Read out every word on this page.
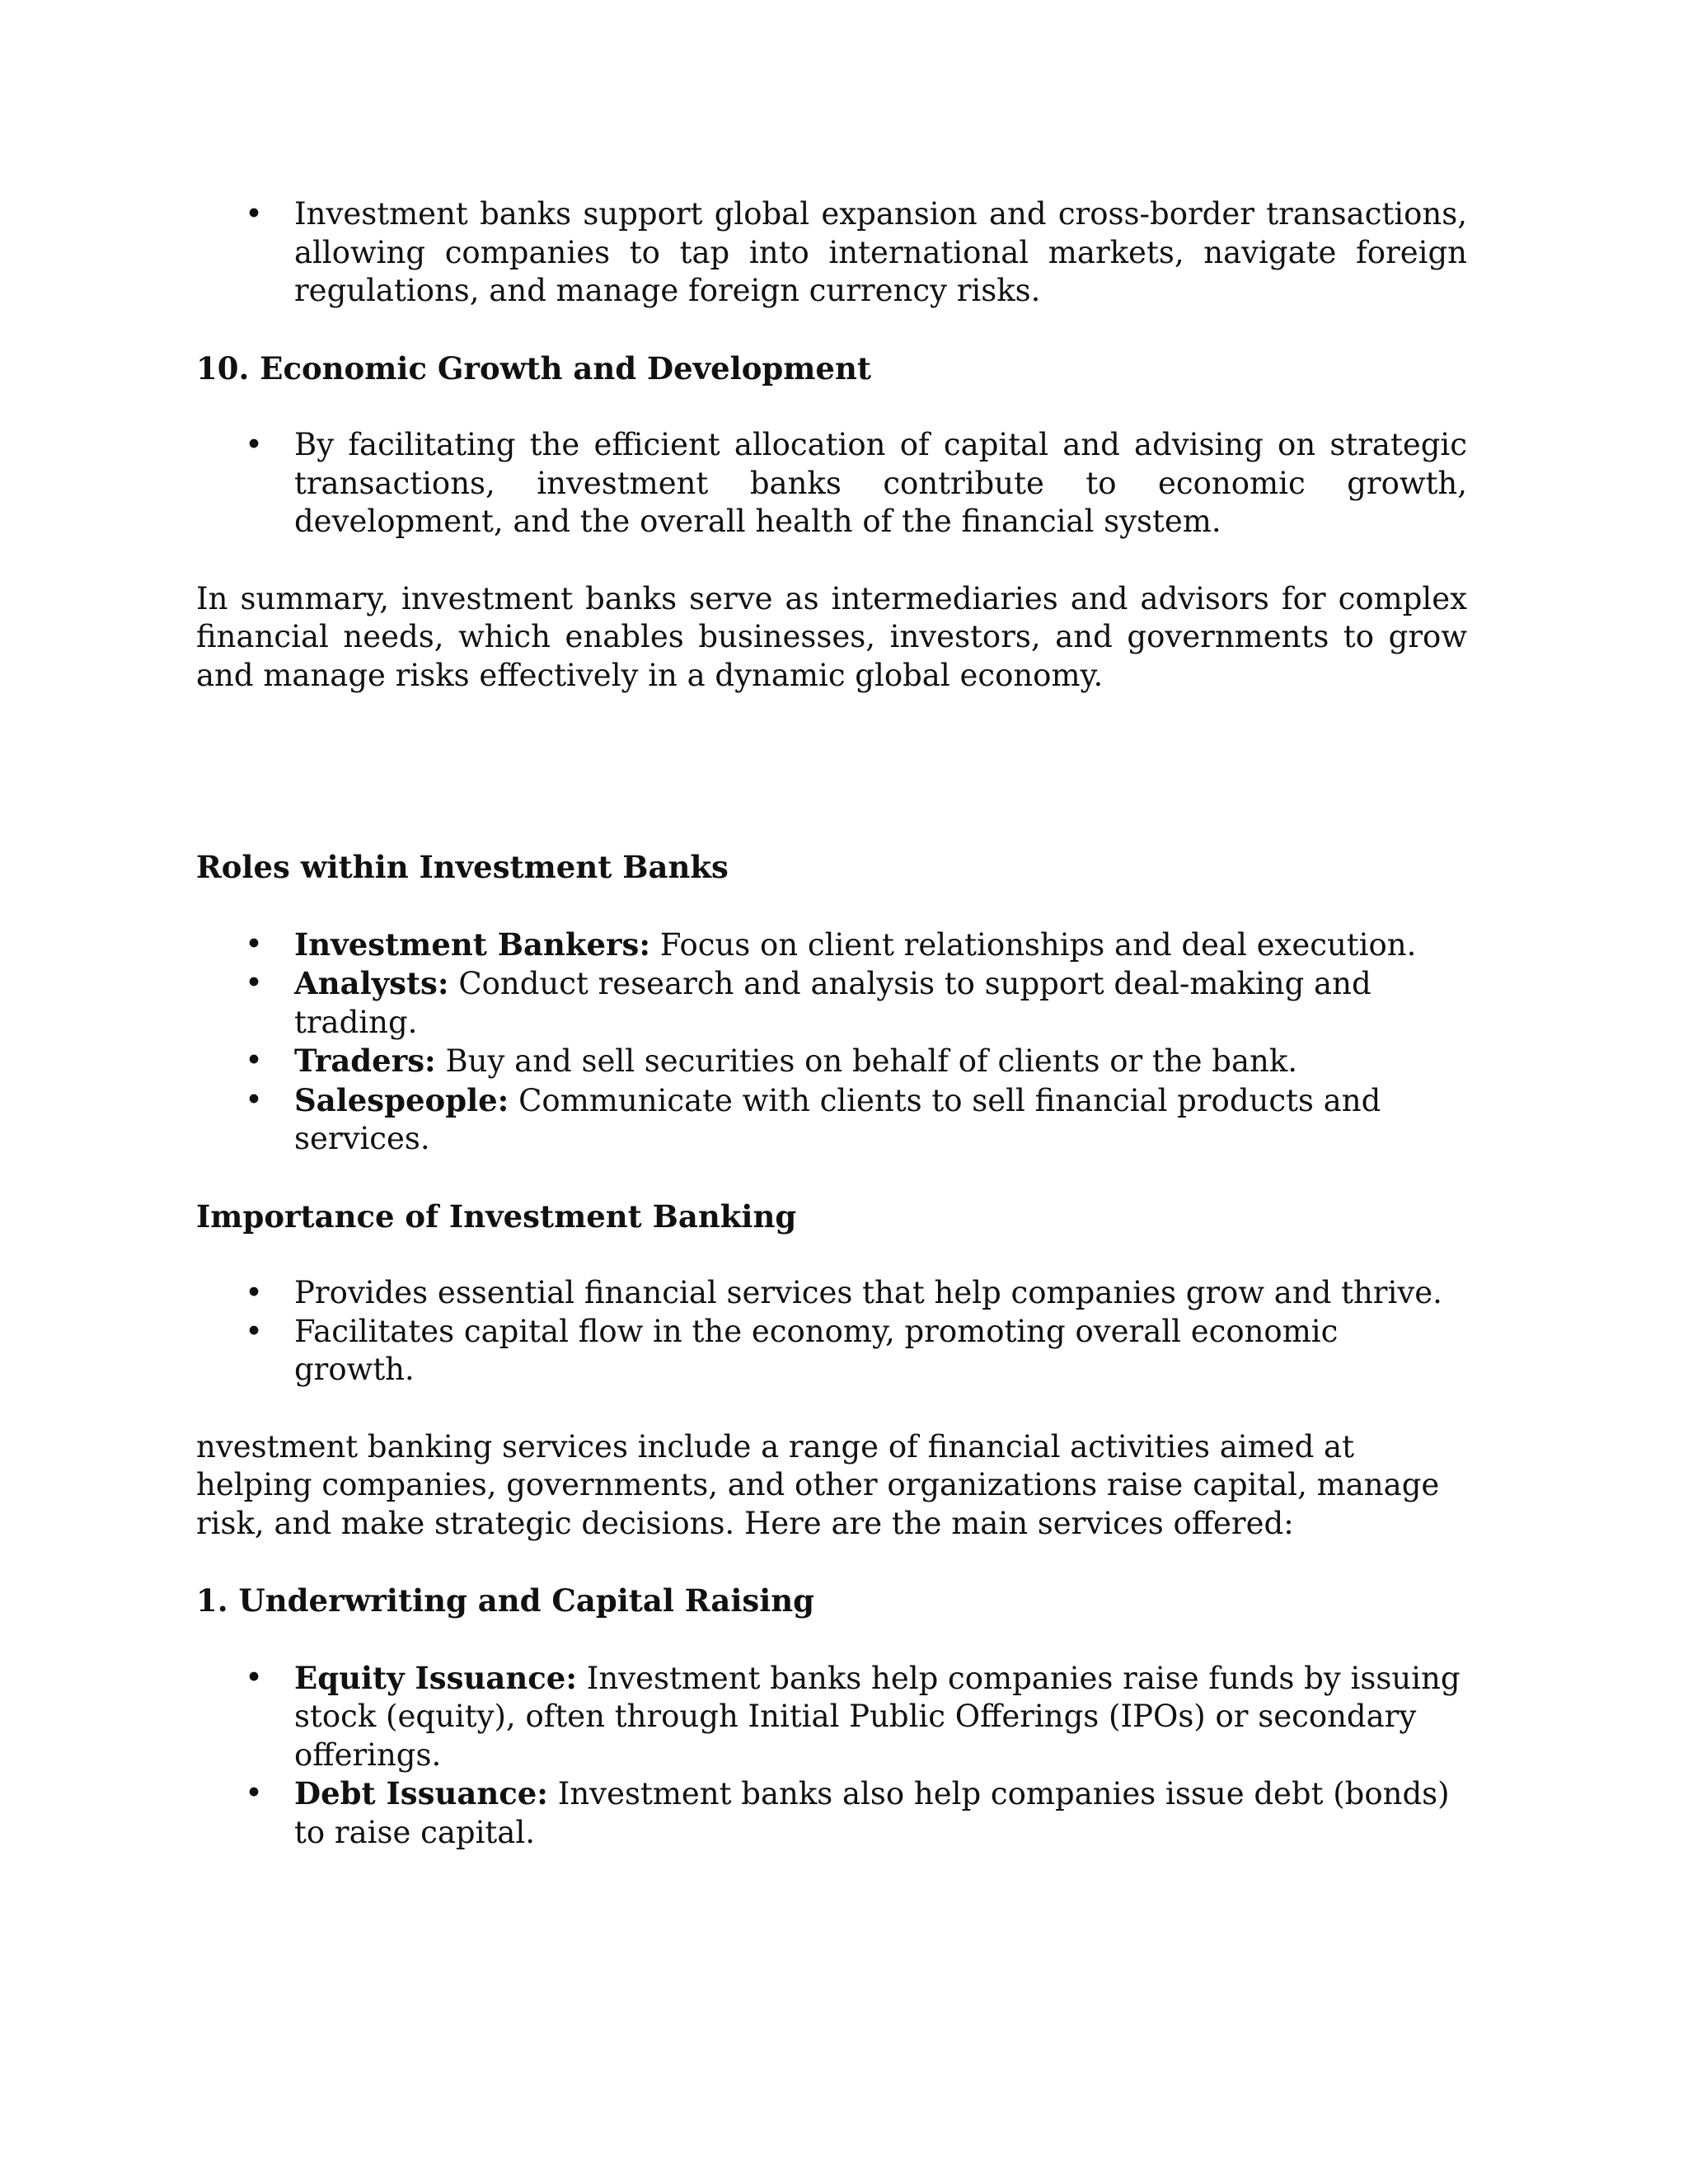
• Investment banks support global expansion and cross-border transactions, allowing companies to tap into international markets, navigate foreign regulations, and manage foreign currency risks.

10. Economic Growth and Development

• By facilitating the efficient allocation of capital and advising on strategic transactions, investment banks contribute to economic growth, development, and the overall health of the financial system.

In summary, investment banks serve as intermediaries and advisors for complex financial needs, which enables businesses, investors, and governments to grow and manage risks effectively in a dynamic global economy.

Roles within Investment Banks

• Investment Bankers: Focus on client relationships and deal execution.
• Analysts: Conduct research and analysis to support deal-making and trading.
• Traders: Buy and sell securities on behalf of clients or the bank.
• Salespeople: Communicate with clients to sell financial products and services.

Importance of Investment Banking

• Provides essential financial services that help companies grow and thrive.
• Facilitates capital flow in the economy, promoting overall economic growth.

nvestment banking services include a range of financial activities aimed at helping companies, governments, and other organizations raise capital, manage risk, and make strategic decisions. Here are the main services offered:

1. Underwriting and Capital Raising

• Equity Issuance: Investment banks help companies raise funds by issuing stock (equity), often through Initial Public Offerings (IPOs) or secondary offerings.
• Debt Issuance: Investment banks also help companies issue debt (bonds) to raise capital.
